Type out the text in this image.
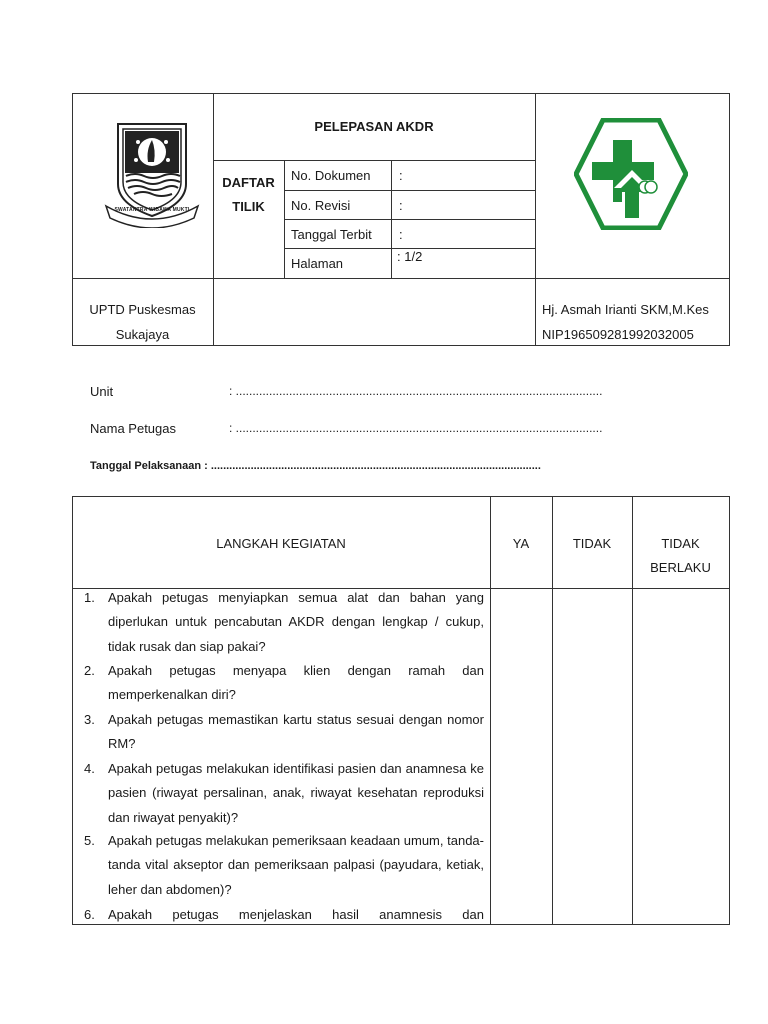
SWATANTRA WIBAWA MUKTI
PELEPASAN AKDR
DAFTAR
TILIK
No. Dokumen :
No. Revisi	:
Tanggal Terbit :
Halaman	: 1/2
UPTD Puskesmas
Sukajaya
Hj. Asmah Irianti SKM,M.Kes
NIP196509281992032005
Unit	: ..............................................................................................................
Nama Petugas	: ..............................................................................................................
Tanggal Pelaksanaan : ............................................................................................................
LANGKAH KEGIATAN	YA	TIDAK	TIDAK
BERLAKU
1. Apakah petugas menyiapkan semua alat dan bahan yang diperlukan untuk pencabutan AKDR dengan lengkap / cukup, tidak rusak dan siap pakai?
2. Apakah petugas menyapa klien dengan ramah dan memperkenalkan diri?
3. Apakah petugas memastikan kartu status sesuai dengan nomor RM?
4. Apakah petugas melakukan identifikasi pasien dan anamnesa ke pasien (riwayat persalinan, anak, riwayat kesehatan reproduksi dan riwayat penyakit)?
5. Apakah petugas melakukan pemeriksaan keadaan umum, tanda-tanda vital akseptor dan pemeriksaan palpasi (payudara, ketiak, leher dan abdomen)?
6. Apakah petugas menjelaskan hasil anamnesis dan
